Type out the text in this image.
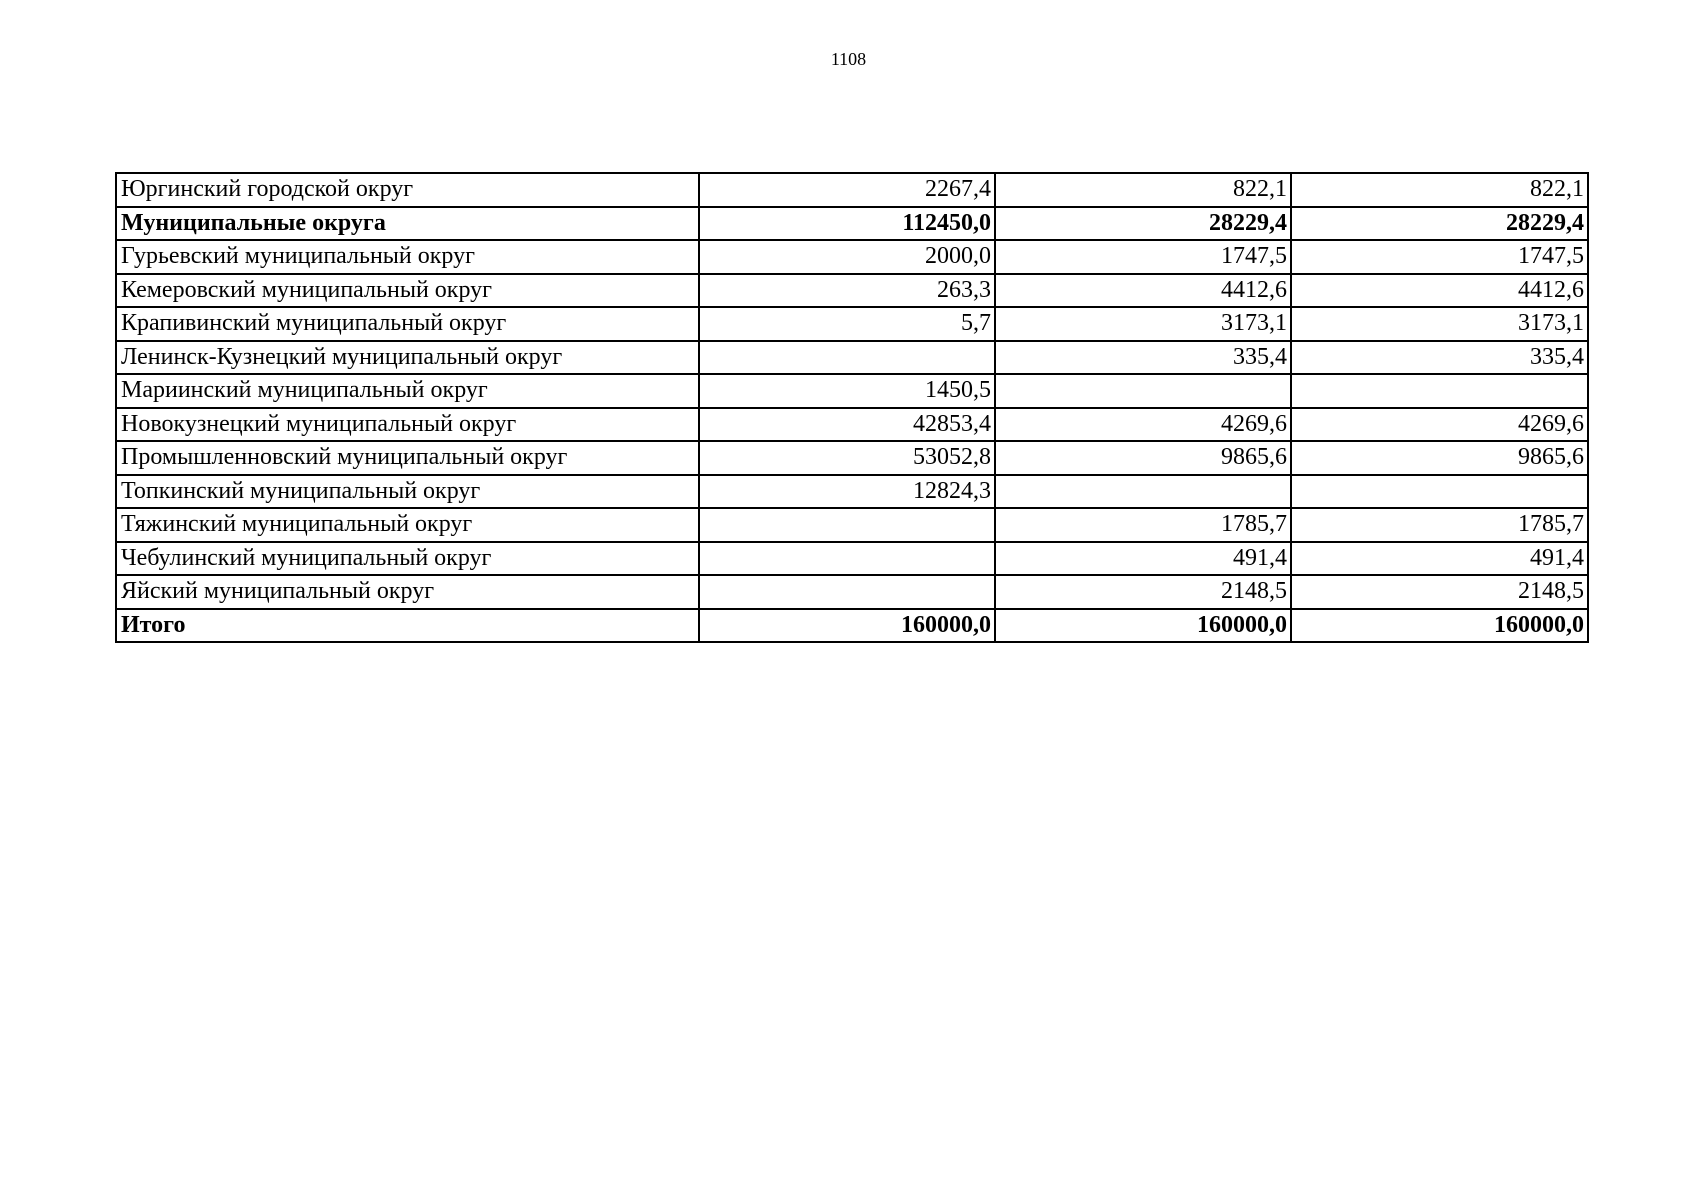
1108
Юргинский городской округ	2267,4	822,1	822,1
Муниципальные округа	112450,0	28229,4	28229,4
Гурьевский муниципальный округ	2000,0	1747,5	1747,5
Кемеровский муниципальный округ	263,3	4412,6	4412,6
Крапивинский муниципальный округ	5,7	3173,1	3173,1
Ленинск-Кузнецкий муниципальный округ		335,4	335,4
Мариинский муниципальный округ	1450,5		
Новокузнецкий муниципальный округ	42853,4	4269,6	4269,6
Промышленновский муниципальный округ	53052,8	9865,6	9865,6
Топкинский муниципальный округ	12824,3		
Тяжинский муниципальный округ		1785,7	1785,7
Чебулинский муниципальный округ		491,4	491,4
Яйский муниципальный округ		2148,5	2148,5
Итого	160000,0	160000,0	160000,0
